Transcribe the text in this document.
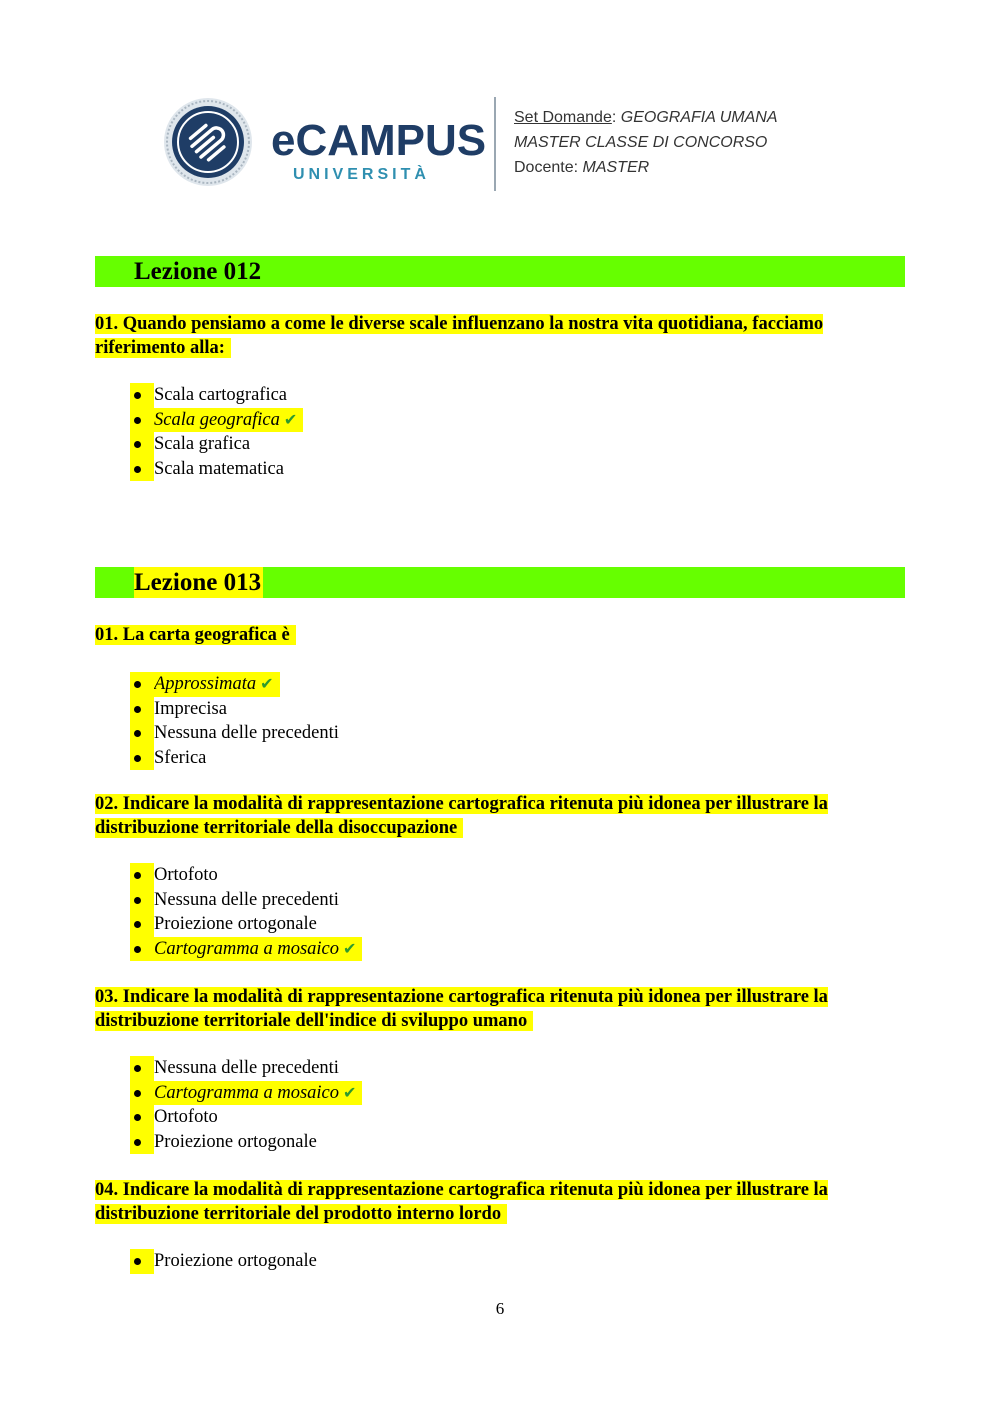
eCAMPUS
UNIVERSITÀ
Set Domande: GEOGRAFIA UMANA
MASTER CLASSE DI CONCORSO
Docente: MASTER
Lezione 012
01. Quando pensiamo a come le diverse scale influenzano la nostra vita quotidiana, facciamo riferimento alla:
Scala cartografica
Scala geografica ✔
Scala grafica
Scala matematica
Lezione 013
01. La carta geografica è
Approssimata ✔
Imprecisa
Nessuna delle precedenti
Sferica
02. Indicare la modalità di rappresentazione cartografica ritenuta più idonea per illustrare la distribuzione territoriale della disoccupazione
Ortofoto
Nessuna delle precedenti
Proiezione ortogonale
Cartogramma a mosaico ✔
03. Indicare la modalità di rappresentazione cartografica ritenuta più idonea per illustrare la distribuzione territoriale dell'indice di sviluppo umano
Nessuna delle precedenti
Cartogramma a mosaico ✔
Ortofoto
Proiezione ortogonale
04. Indicare la modalità di rappresentazione cartografica ritenuta più idonea per illustrare la distribuzione territoriale del prodotto interno lordo
Proiezione ortogonale
6
